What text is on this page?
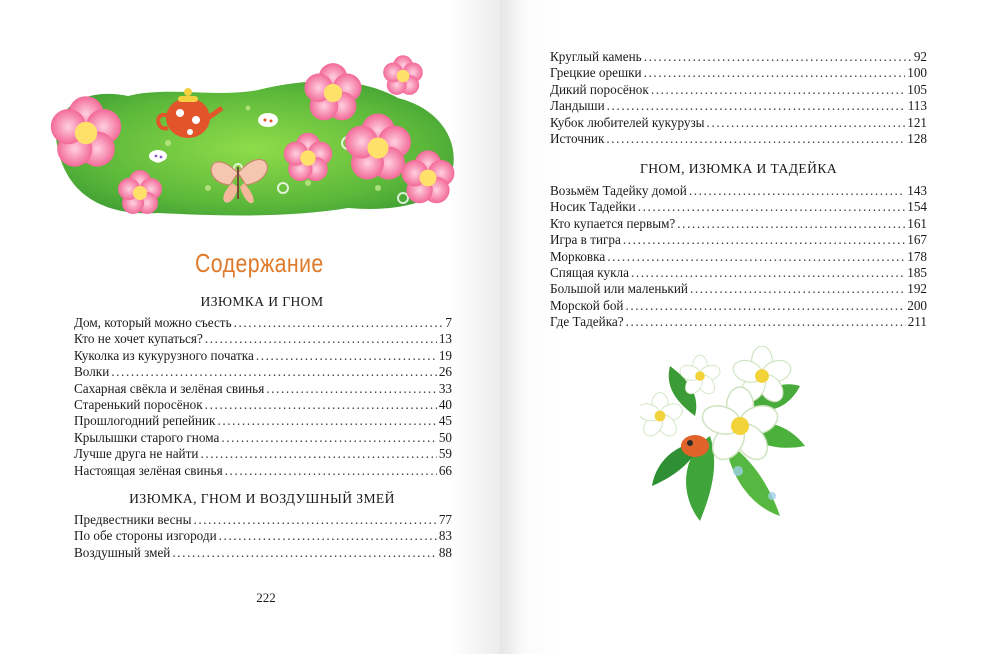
Содержание
ИЗЮМКА И ГНОМ
Дом, который можно съесть .....	7
Кто не хочет купаться? .....	13
Куколка из кукурузного початка .....	19
Волки .....	26
Сахарная свёкла и зелёная свинья .....	33
Старенький поросёнок .....	40
Прошлогодний репейник .....	45
Крылышки старого гнома .....	50
Лучше друга не найти .....	59
Настоящая зелёная свинья .....	66
ИЗЮМКА, ГНОМ И ВОЗДУШНЫЙ ЗМЕЙ
Предвестники весны .....	77
По обе стороны изгороди .....	83
Воздушный змей .....	88
222
Круглый камень .....	92
Грецкие орешки .....	100
Дикий поросёнок .....	105
Ландыши .....	113
Кубок любителей кукурузы .....	121
Источник .....	128
ГНОМ, ИЗЮМКА И ТАДЕЙКА
Возьмём Тадейку домой .....	143
Носик Тадейки .....	154
Кто купается первым? .....	161
Игра в тигра .....	167
Морковка .....	178
Спящая кукла .....	185
Большой или маленький .....	192
Морской бой .....	200
Где Тадейка? .....	211
